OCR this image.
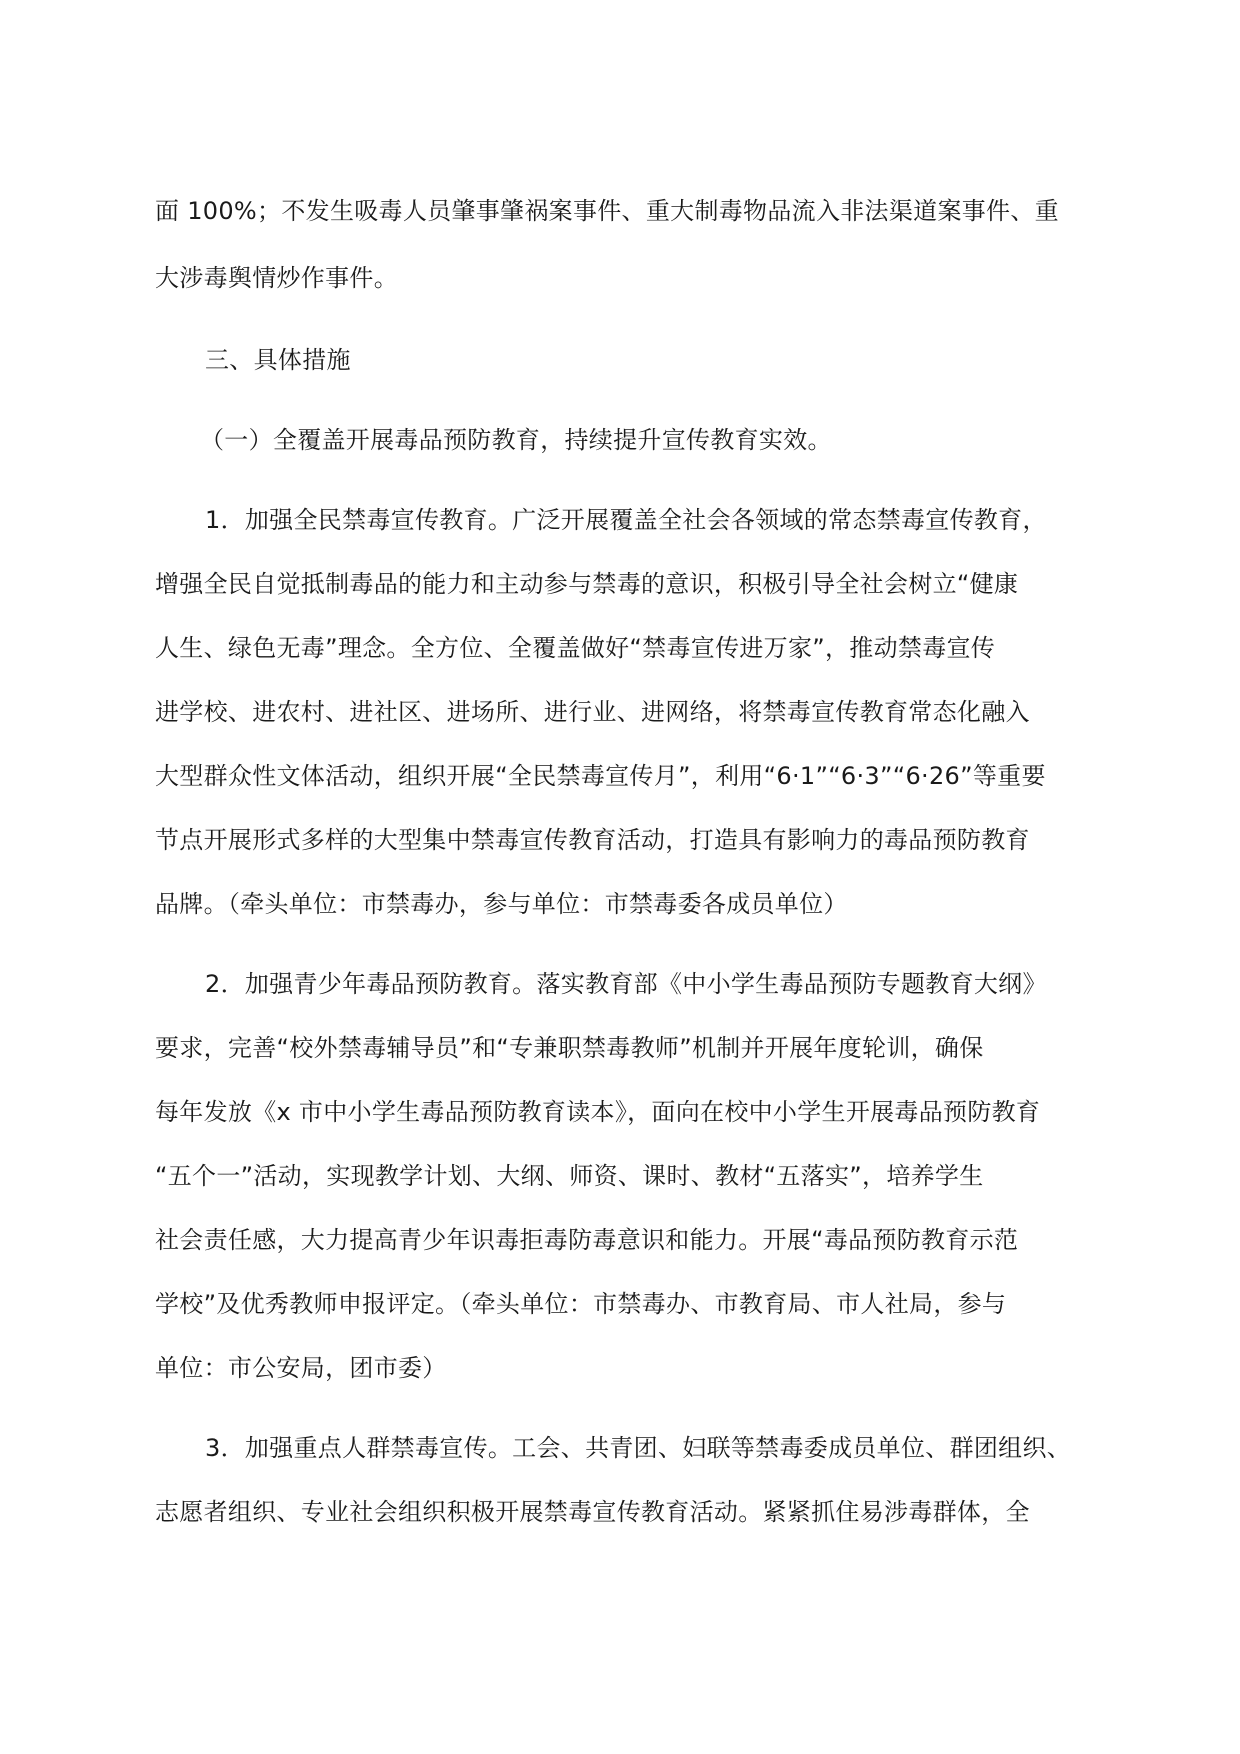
面 100%；不发生吸毒人员肇事肇祸案事件、重大制毒物品流入非法渠道案事件、重
大涉毒舆情炒作事件。
三、具体措施
（一）全覆盖开展毒品预防教育，持续提升宣传教育实效。
1．加强全民禁毒宣传教育。广泛开展覆盖全社会各领域的常态禁毒宣传教育，
增强全民自觉抵制毒品的能力和主动参与禁毒的意识，积极引导全社会树立“健康
人生、绿色无毒”理念。全方位、全覆盖做好“禁毒宣传进万家”，推动禁毒宣传
进学校、进农村、进社区、进场所、进行业、进网络，将禁毒宣传教育常态化融入
大型群众性文体活动，组织开展“全民禁毒宣传月”，利用“6·1”“6·3”“6·26”等重要
节点开展形式多样的大型集中禁毒宣传教育活动，打造具有影响力的毒品预防教育
品牌。（牵头单位：市禁毒办，参与单位：市禁毒委各成员单位）
2．加强青少年毒品预防教育。落实教育部《中小学生毒品预防专题教育大纲》
要求，完善“校外禁毒辅导员”和“专兼职禁毒教师”机制并开展年度轮训，确保
每年发放《x 市中小学生毒品预防教育读本》，面向在校中小学生开展毒品预防教育
“五个一”活动，实现教学计划、大纲、师资、课时、教材“五落实”，培养学生
社会责任感，大力提高青少年识毒拒毒防毒意识和能力。开展“毒品预防教育示范
学校”及优秀教师申报评定。（牵头单位：市禁毒办、市教育局、市人社局，参与
单位：市公安局，团市委）
3．加强重点人群禁毒宣传。工会、共青团、妇联等禁毒委成员单位、群团组织、
志愿者组织、专业社会组织积极开展禁毒宣传教育活动。紧紧抓住易涉毒群体，全
